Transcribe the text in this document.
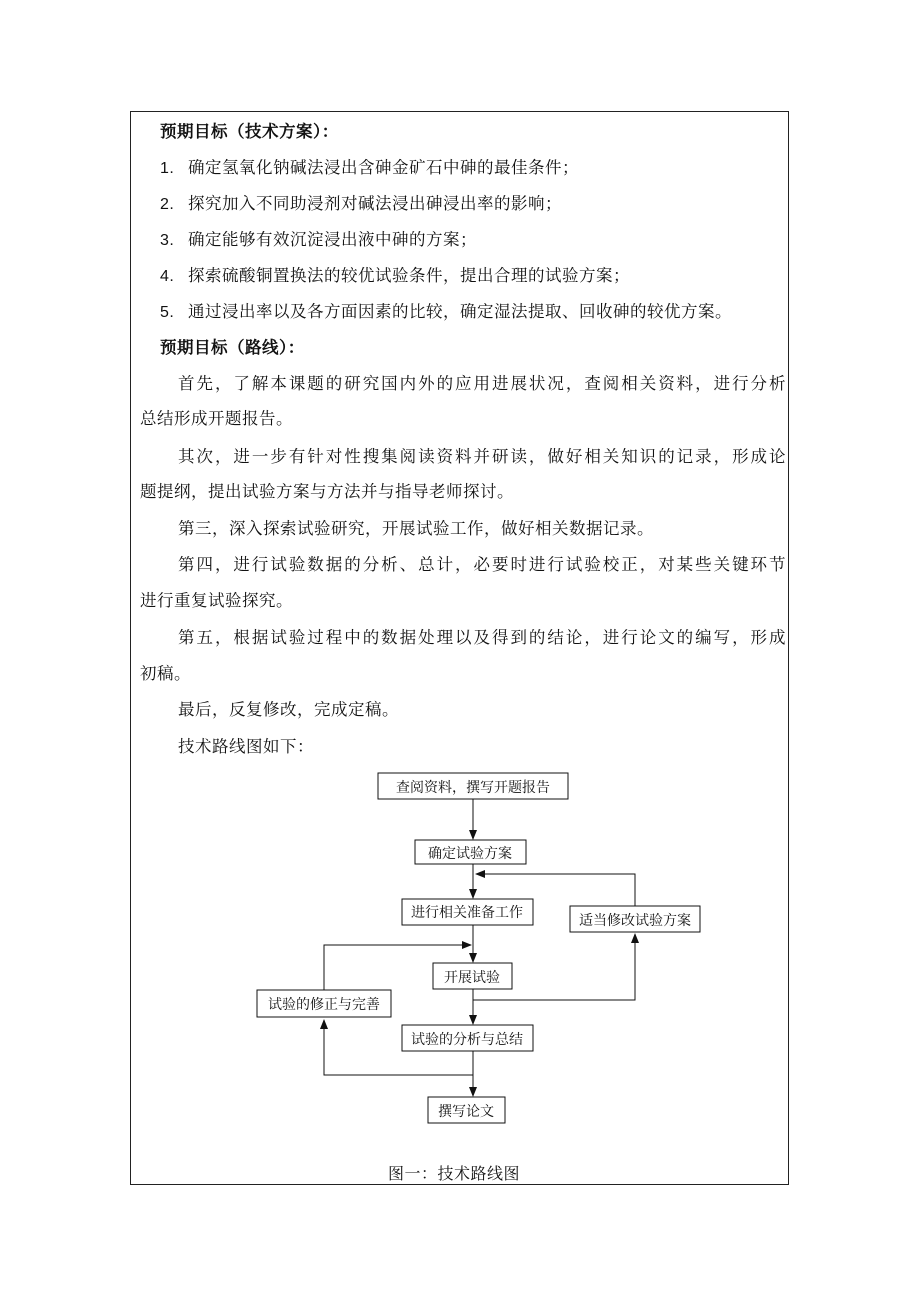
预期目标（技术方案）：
1. 确定氢氧化钠碱法浸出含砷金矿石中砷的最佳条件；
2. 探究加入不同助浸剂对碱法浸出砷浸出率的影响；
3. 确定能够有效沉淀浸出液中砷的方案；
4. 探索硫酸铜置换法的较优试验条件，提出合理的试验方案；
5. 通过浸出率以及各方面因素的比较，确定湿法提取、回收砷的较优方案。
预期目标（路线）：
首先，了解本课题的研究国内外的应用进展状况，查阅相关资料，进行分析
总结形成开题报告。
其次，进一步有针对性搜集阅读资料并研读，做好相关知识的记录，形成论
题提纲，提出试验方案与方法并与指导老师探讨。
第三，深入探索试验研究，开展试验工作，做好相关数据记录。
第四，进行试验数据的分析、总计，必要时进行试验校正，对某些关键环节
进行重复试验探究。
第五，根据试验过程中的数据处理以及得到的结论，进行论文的编写，形成
初稿。
最后，反复修改，完成定稿。
技术路线图如下：
查阅资料，撰写开题报告
确定试验方案
进行相关准备工作
开展试验
试验的分析与总结
撰写论文
适当修改试验方案
试验的修正与完善
图一：技术路线图
